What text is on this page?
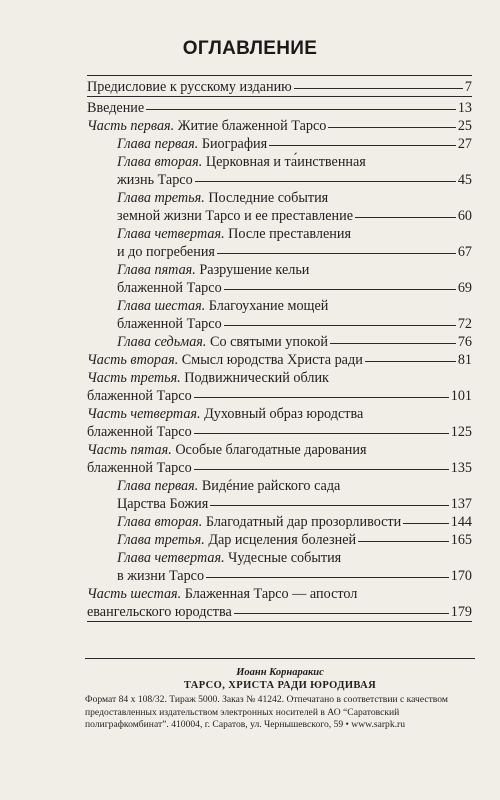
ОГЛАВЛЕНИЕ
Предисловие к русскому изданию	7
Введение	13
Часть первая. Житие блаженной Тарсо	25
Глава первая. Биография	27
Глава вторая. Церковная и та́инственная
жизнь Тарсо	45
Глава третья. Последние события
земной жизни Тарсо и ее преставление	60
Глава четвертая. После преставления
и до погребения	67
Глава пятая. Разрушение кельи
блаженной Тарсо	69
Глава шестая. Благоухание мощей
блаженной Тарсо	72
Глава седьмая. Со святыми упокой	76
Часть вторая. Смысл юродства Христа ради	81
Часть третья. Подвижнический облик
блаженной Тарсо	101
Часть четвертая. Духовный образ юродства
блаженной Тарсо	125
Часть пятая. Особые благодатные дарования
блаженной Тарсо	135
Глава первая. Видéние райского сада
Царства Божия	137
Глава вторая. Благодатный дар прозорливости	144
Глава третья. Дар исцеления болезней	165
Глава четвертая. Чудесные события
в жизни Тарсо	170
Часть шестая. Блаженная Тарсо — апостол
евангельского юродства	179
Иоанн Корнаракис
ТАРСО, ХРИСТА РАДИ ЮРОДИВАЯ
Формат 84 х 108/32. Тираж 5000. Заказ № 41242. Отпечатано в соответствии с качеством предоставленных издательством электронных носителей в АО “Саратовский полиграфкомбинат”. 410004, г. Саратов, ул. Чернышевского, 59 • www.sarpk.ru
